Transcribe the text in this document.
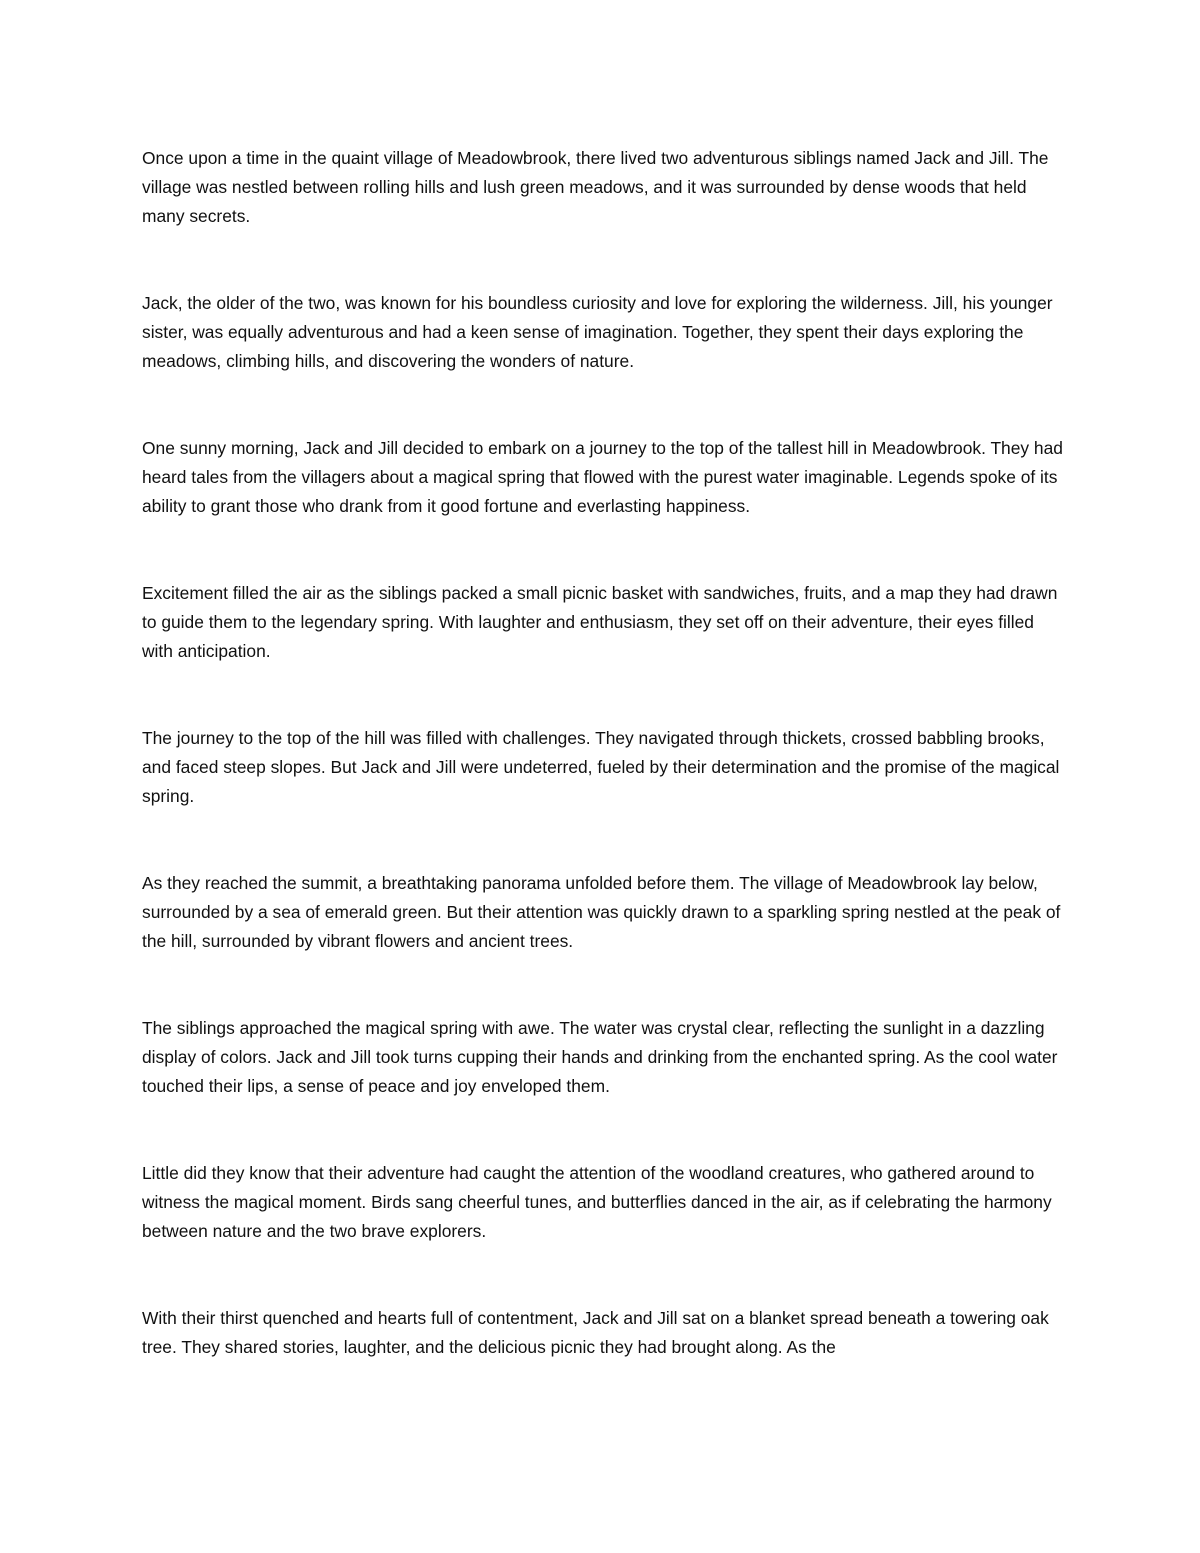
Once upon a time in the quaint village of Meadowbrook, there lived two adventurous siblings named Jack and Jill. The village was nestled between rolling hills and lush green meadows, and it was surrounded by dense woods that held many secrets.

Jack, the older of the two, was known for his boundless curiosity and love for exploring the wilderness. Jill, his younger sister, was equally adventurous and had a keen sense of imagination. Together, they spent their days exploring the meadows, climbing hills, and discovering the wonders of nature.

One sunny morning, Jack and Jill decided to embark on a journey to the top of the tallest hill in Meadowbrook. They had heard tales from the villagers about a magical spring that flowed with the purest water imaginable. Legends spoke of its ability to grant those who drank from it good fortune and everlasting happiness.

Excitement filled the air as the siblings packed a small picnic basket with sandwiches, fruits, and a map they had drawn to guide them to the legendary spring. With laughter and enthusiasm, they set off on their adventure, their eyes filled with anticipation.

The journey to the top of the hill was filled with challenges. They navigated through thickets, crossed babbling brooks, and faced steep slopes. But Jack and Jill were undeterred, fueled by their determination and the promise of the magical spring.

As they reached the summit, a breathtaking panorama unfolded before them. The village of Meadowbrook lay below, surrounded by a sea of emerald green. But their attention was quickly drawn to a sparkling spring nestled at the peak of the hill, surrounded by vibrant flowers and ancient trees.

The siblings approached the magical spring with awe. The water was crystal clear, reflecting the sunlight in a dazzling display of colors. Jack and Jill took turns cupping their hands and drinking from the enchanted spring. As the cool water touched their lips, a sense of peace and joy enveloped them.

Little did they know that their adventure had caught the attention of the woodland creatures, who gathered around to witness the magical moment. Birds sang cheerful tunes, and butterflies danced in the air, as if celebrating the harmony between nature and the two brave explorers.

With their thirst quenched and hearts full of contentment, Jack and Jill sat on a blanket spread beneath a towering oak tree. They shared stories, laughter, and the delicious picnic they had brought along. As the
